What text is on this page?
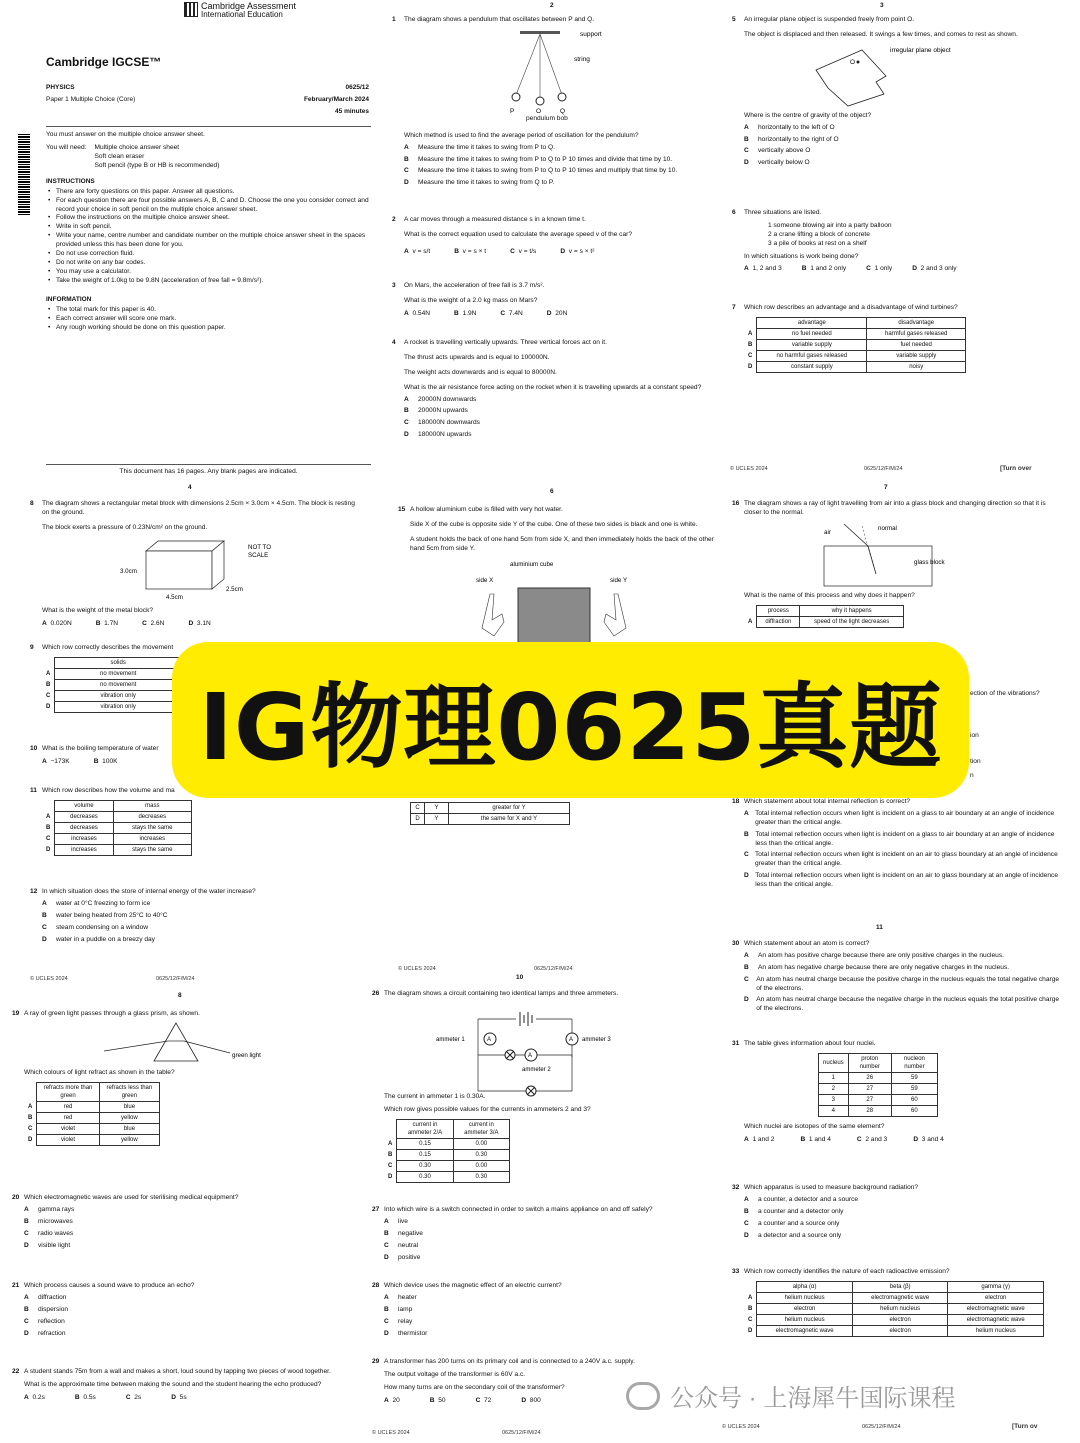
Cambridge Assessment
International Education
Cambridge IGCSE™
PHYSICS	0625/12
Paper 1 Multiple Choice (Core)	February/March 2024
45 minutes
You must answer on the multiple choice answer sheet.
You will need: Multiple choice answer sheet
Soft clean eraser
Soft pencil (type B or HB is recommended)
INSTRUCTIONS
• There are forty questions on this paper. Answer all questions.
• For each question there are four possible answers A, B, C and D. Choose the one you consider correct and record your choice in soft pencil on the multiple choice answer sheet.
• Follow the instructions on the multiple choice answer sheet.
• Write in soft pencil.
• Write your name, centre number and candidate number on the multiple choice answer sheet in the spaces provided unless this has been done for you.
• Do not use correction fluid.
• Do not write on any bar codes.
• You may use a calculator.
• Take the weight of 1.0kg to be 9.8N (acceleration of free fall = 9.8m/s²).
INFORMATION
• The total mark for this paper is 40.
• Each correct answer will score one mark.
• Any rough working should be done on this question paper.
This document has 16 pages. Any blank pages are indicated.
2
1 The diagram shows a pendulum that oscillates between P and Q.
support
string
P	O	Q
pendulum bob
Which method is used to find the average period of oscillation for the pendulum?
A Measure the time it takes to swing from P to Q.
B Measure the time it takes to swing from P to Q to P 10 times and divide that time by 10.
C Measure the time it takes to swing from P to Q to P 10 times and multiply that time by 10.
D Measure the time it takes to swing from Q to P.
2 A car moves through a measured distance s in a known time t.
What is the correct equation used to calculate the average speed v of the car?
A v = s/t	B v = s × t	C v = t/s	D v = s × t²
3 On Mars, the acceleration of free fall is 3.7 m/s².
What is the weight of a 2.0 kg mass on Mars?
A 0.54N	B 1.9N	C 7.4N	D 20N
4 A rocket is travelling vertically upwards. Three vertical forces act on it.
The thrust acts upwards and is equal to 100000N.
The weight acts downwards and is equal to 80000N.
What is the air resistance force acting on the rocket when it is travelling upwards at a constant speed?
A 20000N downwards
B 20000N upwards
C 180000N downwards
D 180000N upwards
3
5 An irregular plane object is suspended freely from point O.
The object is displaced and then released. It swings a few times, and comes to rest as shown.
O
irregular plane object
Where is the centre of gravity of the object?
A horizontally to the left of O
B horizontally to the right of O
C vertically above O
D vertically below O
6 Three situations are listed.
1 someone blowing air into a party balloon
2 a crane lifting a block of concrete
3 a pile of books at rest on a shelf
In which situations is work being done?
A 1, 2 and 3	B 1 and 2 only	C 1 only	D 2 and 3 only
7 Which row describes an advantage and a disadvantage of wind turbines?
	advantage	disadvantage
A	no fuel needed	harmful gases released
B	variable supply	fuel needed
C	no harmful gases released	variable supply
D	constant supply	noisy
© UCLES 2024	0625/12/F/M/24	[Turn over
4
8 The diagram shows a rectangular metal block with dimensions 2.5cm × 3.0cm × 4.5cm. The block is resting on the ground.
The block exerts a pressure of 0.23N/cm² on the ground.
3.0cm
4.5cm
2.5cm
NOT TO
SCALE
What is the weight of the metal block?
A 0.020N	B 1.7N	C 2.6N	D 3.1N
9 Which row correctly describes the movement
	solids
A	no movement
B	no movement
C	vibration only
D	vibration only
10 What is the boiling temperature of water
A −173K	B 100K
11 Which row describes how the volume and ma
	volume	mass
A	decreases	decreases
B	decreases	stays the same
C	increases	increases
D	increases	stays the same
12 In which situation does the store of internal energy of the water increase?
A water at 0°C freezing to form ice
B water being heated from 25°C to 40°C
C steam condensing on a window
D water in a puddle on a breezy day
© UCLES 2024	0625/12/F/M/24
6
15 A hollow aluminium cube is filled with very hot water.
Side X of the cube is opposite side Y of the cube. One of these two sides is black and one is white.
A student holds the back of one hand 5cm from side X, and then immediately holds the back of the other hand 5cm from side Y.
aluminium cube
side X	side Y
C	Y	greater for Y
D	Y	the same for X and Y
© UCLES 2024	0625/12/F/M/24
7
16 The diagram shows a ray of light travelling from air into a glass block and changing direction so that it is closer to the normal.
air
normal
glass block
What is the name of this process and why does it happen?
	process	why it happens
A	diffraction	speed of the light decreases
ection of the vibrations?
ion
tion
n
18 Which statement about total internal reflection is correct?
A Total internal reflection occurs when light is incident on a glass to air boundary at an angle of incidence greater than the critical angle.
B Total internal reflection occurs when light is incident on a glass to air boundary at an angle of incidence less than the critical angle.
C Total internal reflection occurs when light is incident on an air to glass boundary at an angle of incidence greater than the critical angle.
D Total internal reflection occurs when light is incident on an air to glass boundary at an angle of incidence less than the critical angle.
8
19 A ray of green light passes through a glass prism, as shown.
green light
Which colours of light refract as shown in the table?
	refracts more than green	refracts less than green
A	red	blue
B	red	yellow
C	violet	blue
D	violet	yellow
20 Which electromagnetic waves are used for sterilising medical equipment?
A gamma rays
B microwaves
C radio waves
D visible light
21 Which process causes a sound wave to produce an echo?
A diffraction
B dispersion
C reflection
D refraction
22 A student stands 75m from a wall and makes a short, loud sound by tapping two pieces of wood together.
What is the approximate time between making the sound and the student hearing the echo produced?
A 0.2s	B 0.5s	C 2s	D 5s
10
26 The diagram shows a circuit containing two identical lamps and three ammeters.
A	A
A
ammeter 1	ammeter 3
ammeter 2
The current in ammeter 1 is 0.30A.
Which row gives possible values for the currents in ammeters 2 and 3?
	current in ammeter 2/A	current in ammeter 3/A
A	0.15	0.00
B	0.15	0.30
C	0.30	0.00
D	0.30	0.30
27 Into which wire is a switch connected in order to switch a mains appliance on and off safely?
A live
B negative
C neutral
D positive
28 Which device uses the magnetic effect of an electric current?
A heater
B lamp
C relay
D thermistor
29 A transformer has 200 turns on its primary coil and is connected to a 240V a.c. supply.
The output voltage of the transformer is 60V a.c.
How many turns are on the secondary coil of the transformer?
A 20	B 50	C 72	D 800
© UCLES 2024	0625/12/F/M/24
11
30 Which statement about an atom is correct?
A	An atom has positive charge because there are only positive charges in the nucleus.
B	An atom has negative charge because there are only negative charges in the nucleus.
C	An atom has neutral charge because the positive charge in the nucleus equals the total negative charge of the electrons.
D	An atom has neutral charge because the negative charge in the nucleus equals the total positive charge of the electrons.
31 The table gives information about four nuclei.
nucleus	proton number	nucleon number
1	26	59
2	27	59
3	27	60
4	28	60
Which nuclei are isotopes of the same element?
A 1 and 2	B 1 and 4	C 2 and 3	D 3 and 4
32 Which apparatus is used to measure background radiation?
A a counter, a detector and a source
B a counter and a detector only
C a counter and a source only
D a detector and a source only
33 Which row correctly identifies the nature of each radioactive emission?
	alpha (α)	beta (β)	gamma (γ)
A	helium nucleus	electromagnetic wave	electron
B	electron	helium nucleus	electromagnetic wave
C	helium nucleus	electron	electromagnetic wave
D	electromagnetic wave	electron	helium nucleus
© UCLES 2024	0625/12/F/M/24	[Turn ov
IG物理0625真题
公众号 · 上海犀牛国际课程
